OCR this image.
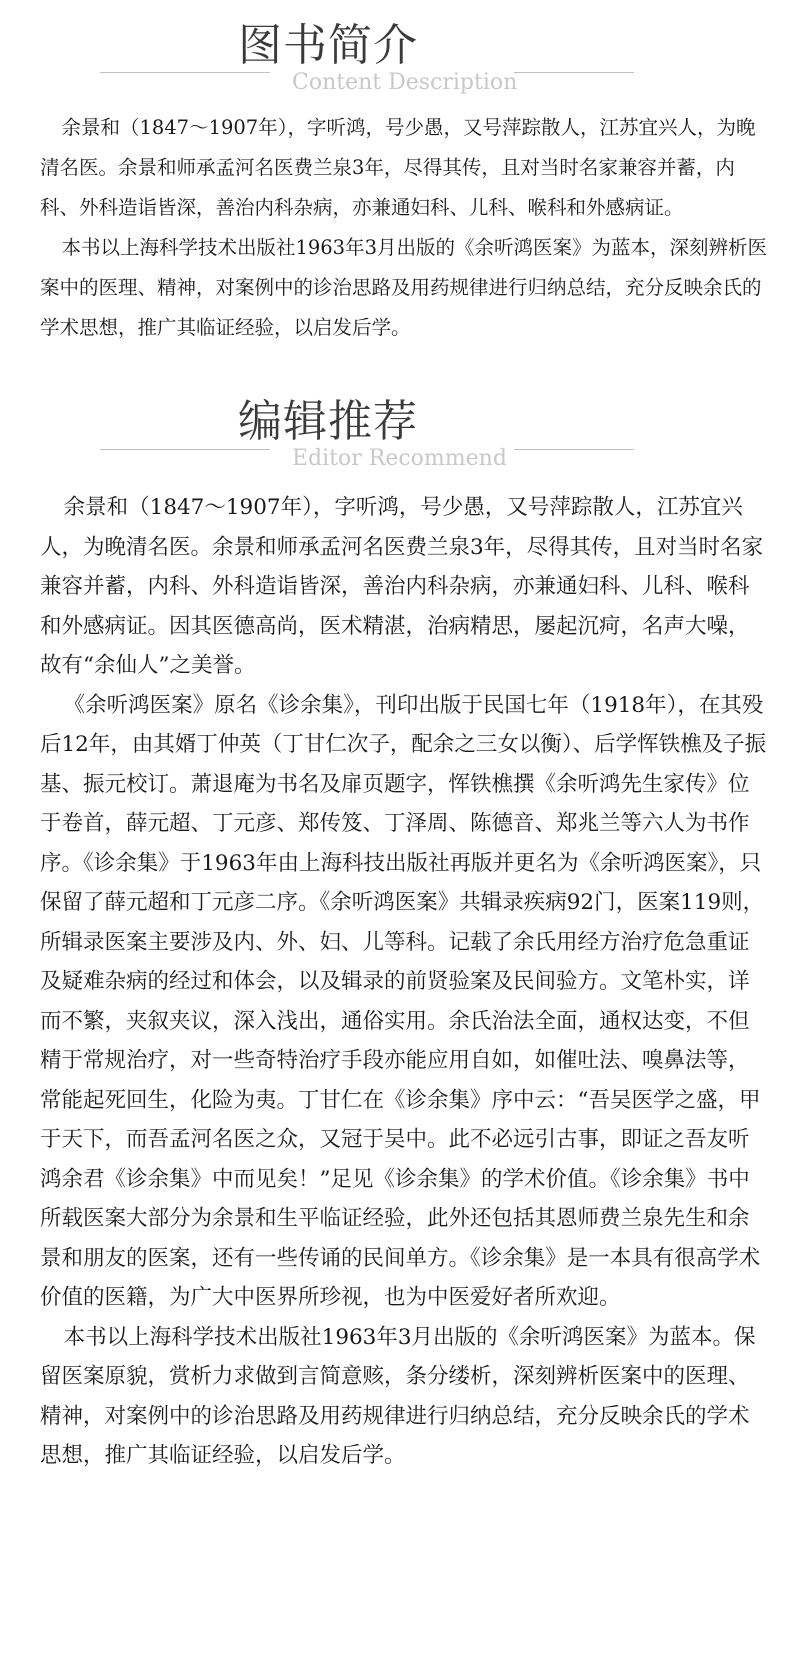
图书简介
Content Description

余景和（1847～1907年），字听鸿，号少愚，又号萍踪散人，江苏宜兴人，为晚清名医。余景和师承孟河名医费兰泉3年，尽得其传，且对当时名家兼容并蓄，内科、外科造诣皆深，善治内科杂病，亦兼通妇科、儿科、喉科和外感病证。

本书以上海科学技术出版社1963年3月出版的《余听鸿医案》为蓝本，深刻辨析医案中的医理、精神，对案例中的诊治思路及用药规律进行归纳总结，充分反映余氏的学术思想，推广其临证经验，以启发后学。

编辑推荐
Editor Recommend

余景和（1847～1907年），字听鸿，号少愚，又号萍踪散人，江苏宜兴人，为晚清名医。余景和师承孟河名医费兰泉3年，尽得其传，且对当时名家兼容并蓄，内科、外科造诣皆深，善治内科杂病，亦兼通妇科、儿科、喉科和外感病证。因其医德高尚，医术精湛，治病精思，屡起沉疴，名声大噪，故有“余仙人”之美誉。

《余听鸿医案》原名《诊余集》，刊印出版于民国七年（1918年），在其殁后12年，由其婿丁仲英（丁甘仁次子，配余之三女以衡）、后学恽铁樵及子振基、振元校订。萧退庵为书名及扉页题字，恽铁樵撰《余听鸿先生家传》位于卷首，薛元超、丁元彦、郑传笈、丁泽周、陈德音、郑兆兰等六人为书作序。《诊余集》于1963年由上海科技出版社再版并更名为《余听鸿医案》，只保留了薛元超和丁元彦二序。《余听鸿医案》共辑录疾病92门，医案119则，所辑录医案主要涉及内、外、妇、儿等科。记载了余氏用经方治疗危急重证及疑难杂病的经过和体会，以及辑录的前贤验案及民间验方。文笔朴实，详而不繁，夹叙夹议，深入浅出，通俗实用。余氏治法全面，通权达变，不但精于常规治疗，对一些奇特治疗手段亦能应用自如，如催吐法、嗅鼻法等，常能起死回生，化险为夷。丁甘仁在《诊余集》序中云：“吾吴医学之盛，甲于天下，而吾孟河名医之众，又冠于吴中。此不必远引古事，即证之吾友听鸿余君《诊余集》中而见矣！”足见《诊余集》的学术价值。《诊余集》书中所载医案大部分为余景和生平临证经验，此外还包括其恩师费兰泉先生和余景和朋友的医案，还有一些传诵的民间单方。《诊余集》是一本具有很高学术价值的医籍，为广大中医界所珍视，也为中医爱好者所欢迎。

本书以上海科学技术出版社1963年3月出版的《余听鸿医案》为蓝本。保留医案原貌，赏析力求做到言简意赅，条分缕析，深刻辨析医案中的医理、精神，对案例中的诊治思路及用药规律进行归纳总结，充分反映余氏的学术思想，推广其临证经验，以启发后学。
